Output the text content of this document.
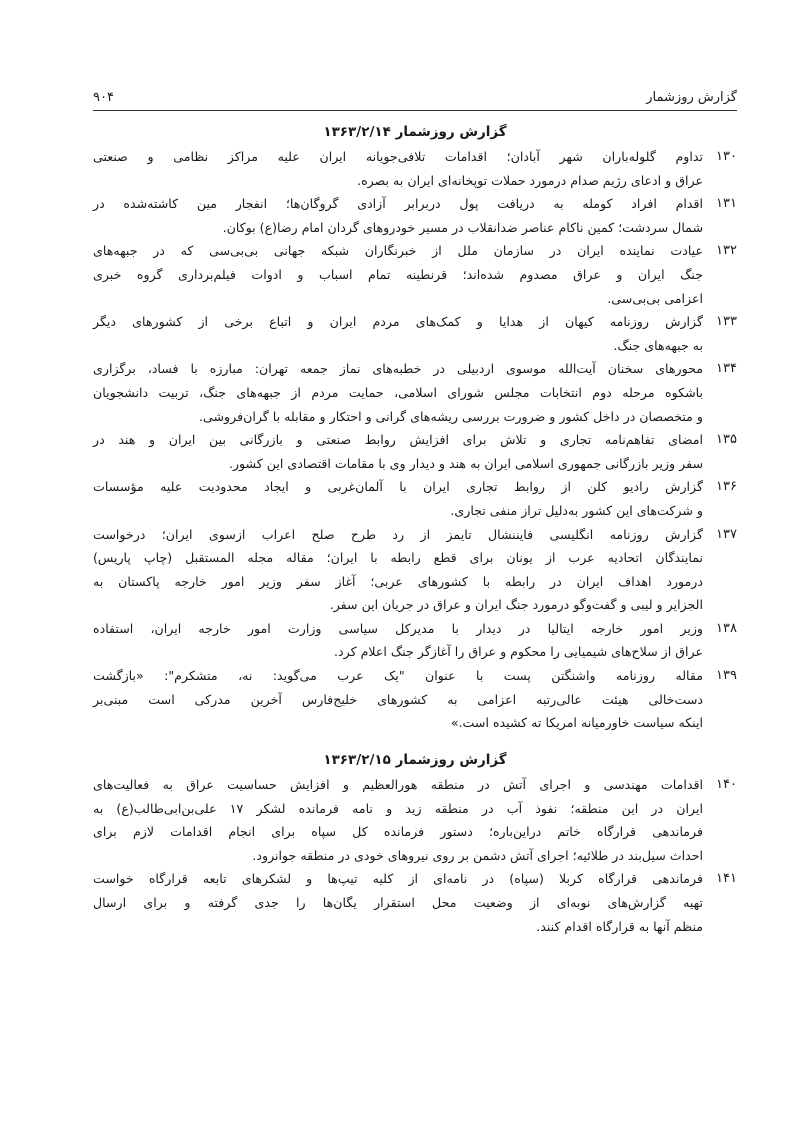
گزارش روزشمار
۹۰۴
گزارش روزشمار ۱۳۶۳/۲/۱۴
۱۳۰
تداوم گلوله‌باران شهر آبادان؛ اقدامات تلافی‌جویانه ایران علیه مراکز نظامی و صنعتی
عراق و ادعای رژیم صدام درمورد حملات توپخانه‌ای ایران به بصره.
۱۳۱
اقدام افراد کومله به دریافت پول دربرابر آزادی گروگان‌ها؛ انفجار مین کاشته‌شده در
شمال سردشت؛ کمین ناکام عناصر ضدانقلاب در مسیر خودروهای گردان امام رضا(ع) بوکان.
۱۳۲
عیادت نماینده ایران در سازمان ملل از خبرنگاران شبکه جهانی بی‌بی‌سی که در جبهه‌های
جنگ ایران و عراق مصدوم شده‌اند؛ قرنطینه تمام اسباب و ادوات فیلم‌برداری گروه خبری
اعزامی بی‌بی‌سی.
۱۳۳
گزارش روزنامه کیهان از هدایا و کمک‌های مردم ایران و اتباع برخی از کشورهای دیگر
به جبهه‌های جنگ.
۱۳۴
محورهای سخنان آیت‌الله موسوی اردبیلی در خطبه‌های نماز جمعه تهران: مبارزه با فساد، برگزاری
باشکوه مرحله دوم انتخابات مجلس شورای اسلامی، حمایت مردم از جبهه‌های جنگ، تربیت دانشجویان
و متخصصان در داخل کشور و ضرورت بررسی ریشه‌های گرانی و احتکار و مقابله با گران‌فروشی.
۱۳۵
امضای تفاهم‌نامه تجاری و تلاش برای افزایش روابط صنعتی و بازرگانی بین ایران و هند در
سفر وزیر بازرگانی جمهوری اسلامی ایران به هند و دیدار وی با مقامات اقتصادی این کشور.
۱۳۶
گزارش رادیو کلن از روابط تجاری ایران با آلمان‌غربی و ایجاد محدودیت علیه مؤسسات
و شرکت‌های این کشور به‌دلیل تراز منفی تجاری.
۱۳۷
گزارش روزنامه انگلیسی فایننشال تایمز از رد طرح صلح اعراب ازسوی ایران؛ درخواست
نمایندگان اتحادیه عرب از یونان برای قطع رابطه با ایران؛ مقاله مجله المستقبل (چاپ پاریس)
درمورد اهداف ایران در رابطه با کشورهای عربی؛ آغاز سفر وزیر امور خارجه پاکستان به
الجزایر و لیبی و گفت‌وگو درمورد جنگ ایران و عراق در جریان این سفر.
۱۳۸
وزیر امور خارجه ایتالیا در دیدار با مدیرکل سیاسی وزارت امور خارجه ایران، استفاده
عراق از سلاح‌های شیمیایی را محکوم و عراق را آغازگر جنگ اعلام کرد.
۱۳۹
مقاله روزنامه واشنگتن پست با عنوان "یک عرب می‌گوید: نه، متشکرم": «بازگشت
دست‌خالی هیئت عالی‌رتبه اعزامی به کشورهای خلیج‌فارس آخرین مدرکی است مبنی‌بر
اینکه سیاست خاورمیانه امریکا ته کشیده است.»
گزارش روزشمار ۱۳۶۳/۲/۱۵
۱۴۰
اقدامات مهندسی و اجرای آتش در منطقه هورالعظیم و افزایش حساسیت عراق به فعالیت‌های
ایران در این منطقه؛ نفوذ آب در منطقه زید و نامه فرمانده لشکر ۱۷ علی‌بن‌ابی‌طالب(ع) به
فرماندهی قرارگاه خاتم دراین‌باره؛ دستور فرمانده کل سپاه برای انجام اقدامات لازم برای
احداث سیل‌بند در طلائیه؛ اجرای آتش دشمن بر روی نیروهای خودی در منطقه جوانرود.
۱۴۱
فرماندهی قرارگاه کربلا (سپاه) در نامه‌ای از کلیه تیپ‌ها و لشکرهای تابعه قرارگاه خواست
تهیه گزارش‌های نوبه‌ای از وضعیت محل استقرار یگان‌ها را جدی گرفته و برای ارسال
منظم آنها به قرارگاه اقدام کنند.
